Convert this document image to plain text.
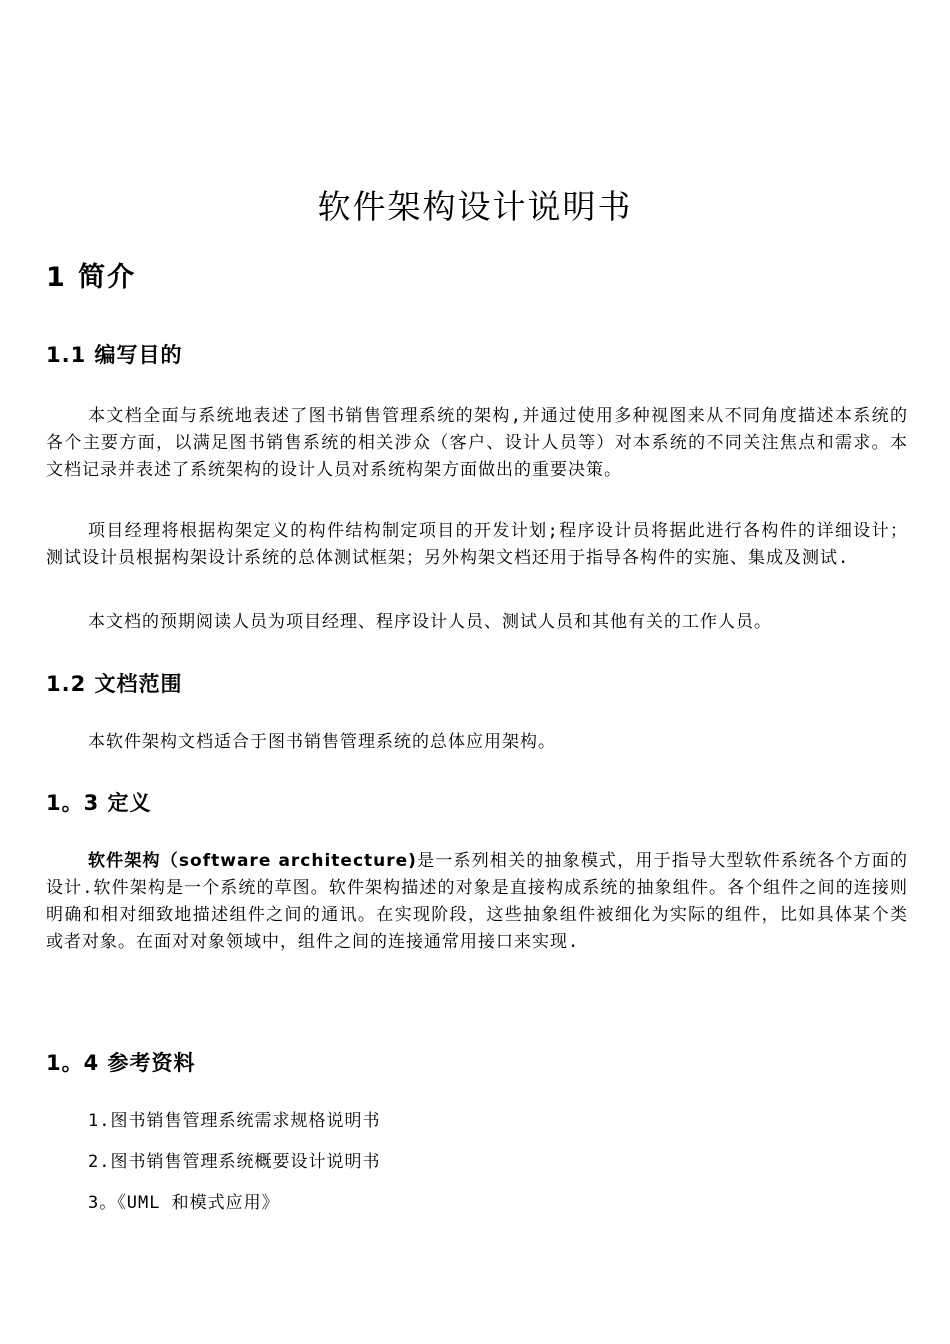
软件架构设计说明书
1 简介
1.1 编写目的

本文档全面与系统地表述了图书销售管理系统的架构,并通过使用多种视图来从不同角度描述本系统的各个主要方面，以满足图书销售系统的相关涉众（客户、设计人员等）对本系统的不同关注焦点和需求。本文档记录并表述了系统架构的设计人员对系统构架方面做出的重要决策。

项目经理将根据构架定义的构件结构制定项目的开发计划;程序设计员将据此进行各构件的详细设计；测试设计员根据构架设计系统的总体测试框架；另外构架文档还用于指导各构件的实施、集成及测试.

本文档的预期阅读人员为项目经理、程序设计人员、测试人员和其他有关的工作人员。

1.2 文档范围

本软件架构文档适合于图书销售管理系统的总体应用架构。

1。3 定义

软件架构（software architecture)是一系列相关的抽象模式，用于指导大型软件系统各个方面的设计.软件架构是一个系统的草图。软件架构描述的对象是直接构成系统的抽象组件。各个组件之间的连接则明确和相对细致地描述组件之间的通讯。在实现阶段，这些抽象组件被细化为实际的组件，比如具体某个类或者对象。在面对对象领域中，组件之间的连接通常用接口来实现.

1。4 参考资料

1.图书销售管理系统需求规格说明书

2.图书销售管理系统概要设计说明书

3。《UML 和模式应用》
